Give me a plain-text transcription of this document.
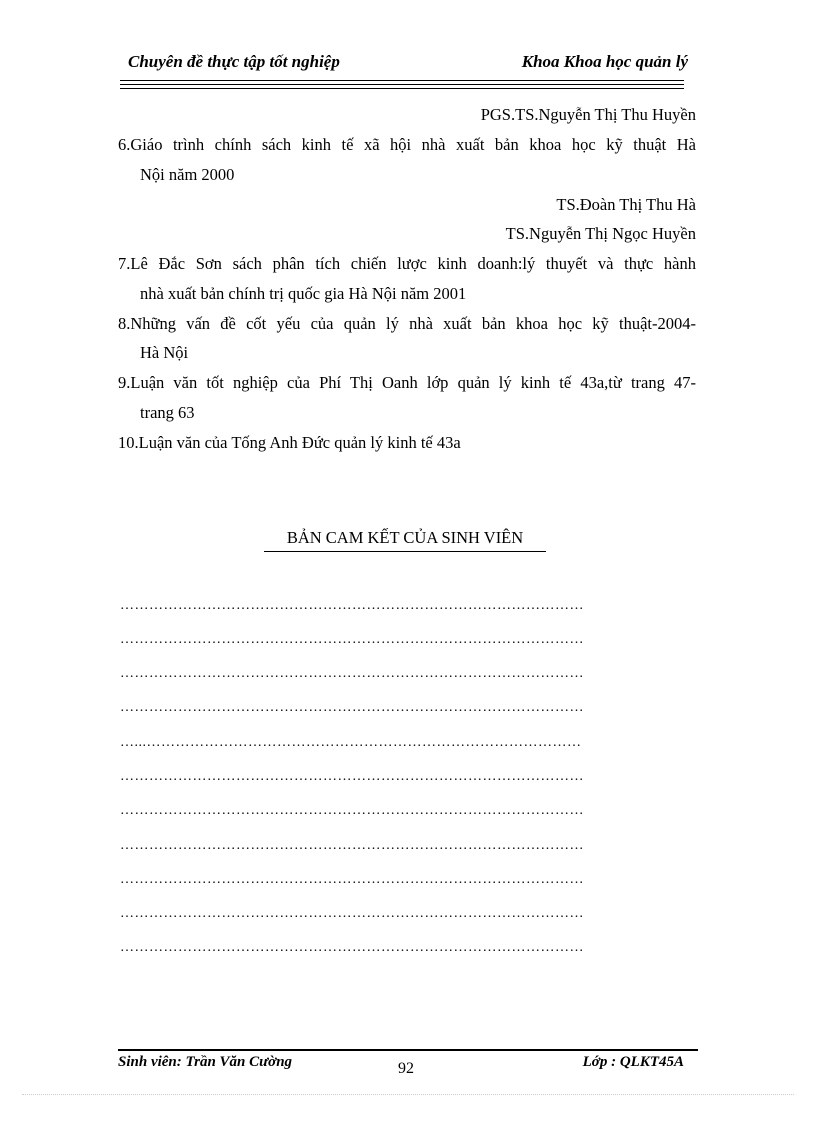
Chuyên đề thực tập tốt nghiệp	Khoa Khoa học quản lý
PGS.TS.Nguyễn Thị Thu Huyền
6.Giáo trình chính sách kinh tế xã hội nhà xuất bản khoa học kỹ thuật Hà
Nội năm 2000
TS.Đoàn Thị Thu Hà
TS.Nguyễn Thị Ngọc Huyền
7.Lê Đắc Sơn sách phân tích chiến lược kinh doanh:lý thuyết và thực hành
nhà xuất bản chính trị quốc gia Hà Nội năm 2001
8.Những vấn đề cốt yếu của quản lý nhà xuất bản khoa học kỹ thuật-2004-
Hà Nội
9.Luận văn tốt nghiệp của Phí Thị Oanh lớp quản lý kinh tế 43a,từ trang 47-
trang 63
10.Luận văn của Tống Anh Đức quản lý kinh tế 43a
BẢN CAM KẾT CỦA SINH VIÊN
……………………………………………………………………………………
……………………………………………………………………………………
……………………………………………………………………………………
……………………………………………………………………………………
…...………………………………………………………………………………
……………………………………………………………………………………
……………………………………………………………………………………
……………………………………………………………………………………
……………………………………………………………………………………
……………………………………………………………………………………
……………………………………………………………………………………
Sinh viên: Trần Văn Cường	92	Lớp : QLKT45A
